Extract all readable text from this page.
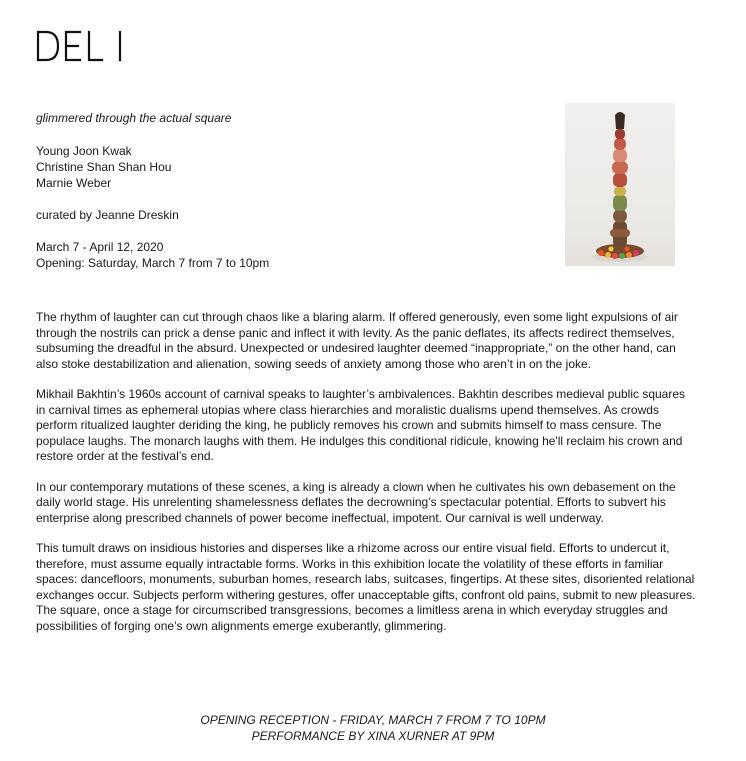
glimmered through the actual square
Young Joon Kwak
Christine Shan Shan Hou
Marnie Weber
curated by Jeanne Dreskin
March 7 - April 12, 2020
Opening: Saturday, March 7 from 7 to 10pm

The rhythm of laughter can cut through chaos like a blaring alarm. If offered generously, even some light expulsions of air through the nostrils can prick a dense panic and inflect it with levity. As the panic deflates, its affects redirect themselves, subsuming the dreadful in the absurd. Unexpected or undesired laughter deemed “inappropriate,” on the other hand, can also stoke destabilization and alienation, sowing seeds of anxiety among those who aren’t in on the joke.

Mikhail Bakhtin’s 1960s account of carnival speaks to laughter’s ambivalences. Bakhtin describes medieval public squares in carnival times as ephemeral utopias where class hierarchies and moralistic dualisms upend themselves. As crowds perform ritualized laughter deriding the king, he publicly removes his crown and submits himself to mass censure. The populace laughs. The monarch laughs with them. He indulges this conditional ridicule, knowing he'll reclaim his crown and restore order at the festival’s end.

In our contemporary mutations of these scenes, a king is already a clown when he cultivates his own debasement on the daily world stage. His unrelenting shamelessness deflates the decrowning’s spectacular potential. Efforts to subvert his enterprise along prescribed channels of power become ineffectual, impotent. Our carnival is well underway.

This tumult draws on insidious histories and disperses like a rhizome across our entire visual field. Efforts to undercut it, therefore, must assume equally intractable forms. Works in this exhibition locate the volatility of these efforts in familiar spaces: dancefloors, monuments, suburban homes, research labs, suitcases, fingertips. At these sites, disoriented relational exchanges occur. Subjects perform withering gestures, offer unacceptable gifts, confront old pains, submit to new pleasures. The square, once a stage for circumscribed transgressions, becomes a limitless arena in which everyday struggles and possibilities of forging one’s own alignments emerge exuberantly, glimmering.

OPENING RECEPTION - FRIDAY, MARCH 7 FROM 7 TO 10PM
PERFORMANCE BY XINA XURNER AT 9PM
